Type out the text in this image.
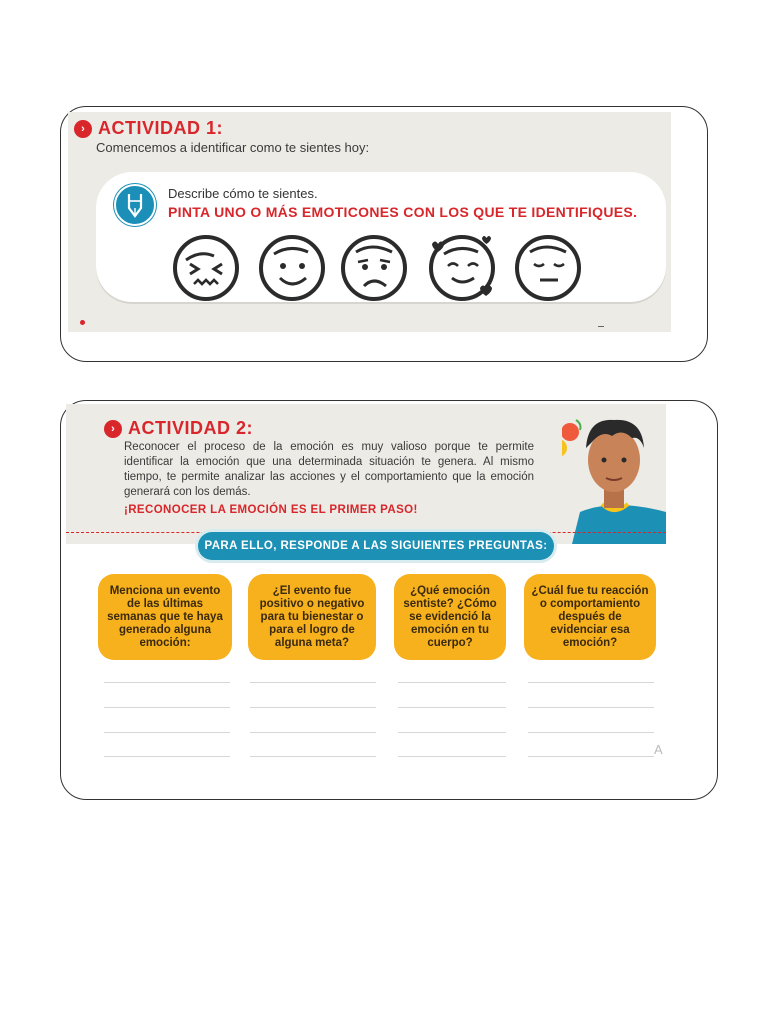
› ACTIVIDAD 1:
Comencemos a identificar como te sientes hoy:
Describe cómo te sientes.
PINTA UNO O MÁS EMOTICONES CON LOS QUE TE IDENTIFIQUES.
› ACTIVIDAD 2:
Reconocer el proceso de la emoción es muy valioso porque te permite identificar la emoción que una determinada situación te genera. Al mismo tiempo, te permite analizar las acciones y el comportamiento que la emoción generará con los demás.
¡RECONOCER LA EMOCIÓN ES EL PRIMER PASO!
PARA ELLO, RESPONDE A LAS SIGUIENTES PREGUNTAS:
Menciona un evento de las últimas semanas que te haya generado alguna emoción:
¿El evento fue positivo o negativo para tu bienestar o para el logro de alguna meta?
¿Qué emoción sentiste? ¿Cómo se evidenció la emoción en tu cuerpo?
¿Cuál fue tu reacción o comportamiento después de evidenciar esa emoción?
A
